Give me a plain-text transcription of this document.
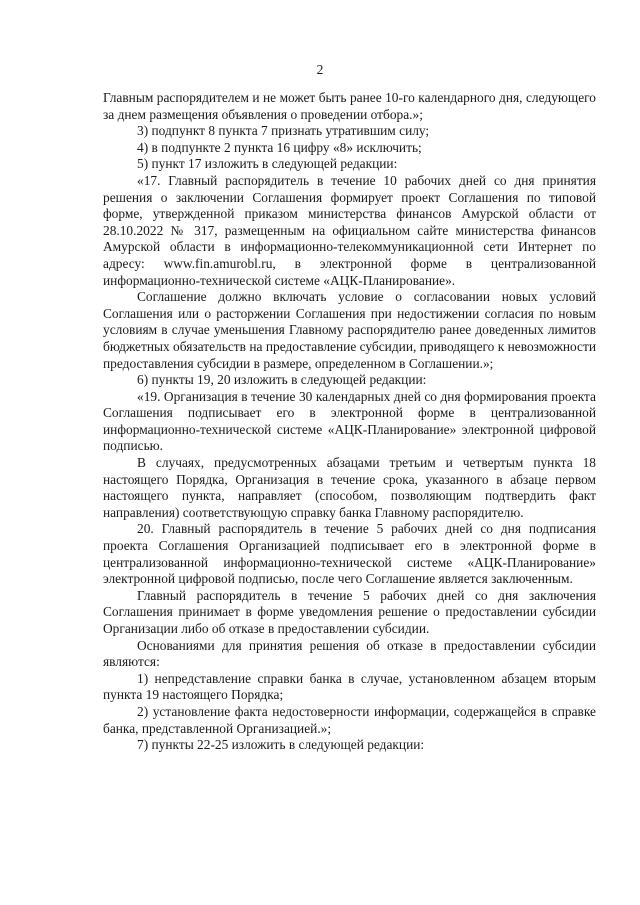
2

Главным распорядителем и не может быть ранее 10-го календарного дня, следующего за днем размещения объявления о проведении отбора.»;

3) подпункт 8 пункта 7 признать утратившим силу;

4) в подпункте 2 пункта 16 цифру «8» исключить;

5) пункт 17 изложить в следующей редакции:

«17. Главный распорядитель в течение 10 рабочих дней со дня принятия решения о заключении Соглашения формирует проект Соглашения по типовой форме, утвержденной приказом министерства финансов Амурской области от 28.10.2022 № 317, размещенным на официальном сайте министерства финансов Амурской области в информационно-телекоммуникационной сети Интернет по адресу: www.fin.amurobl.ru, в электронной форме в централизованной информационно-технической системе «АЦК-Планирование».

Соглашение должно включать условие о согласовании новых условий Соглашения или о расторжении Соглашения при недостижении согласия по новым условиям в случае уменьшения Главному распорядителю ранее доведенных лимитов бюджетных обязательств на предоставление субсидии, приводящего к невозможности предоставления субсидии в размере, определенном в Соглашении.»;

6) пункты 19, 20 изложить в следующей редакции:

«19. Организация в течение 30 календарных дней со дня формирования проекта Соглашения подписывает его в электронной форме в централизованной информационно-технической системе «АЦК-Планирование» электронной цифровой подписью.

В случаях, предусмотренных абзацами третьим и четвертым пункта 18 настоящего Порядка, Организация в течение срока, указанного в абзаце первом настоящего пункта, направляет (способом, позволяющим подтвердить факт направления) соответствующую справку банка Главному распорядителю.

20. Главный распорядитель в течение 5 рабочих дней со дня подписания проекта Соглашения Организацией подписывает его в электронной форме в централизованной информационно-технической системе «АЦК-Планирование» электронной цифровой подписью, после чего Соглашение является заключенным.

Главный распорядитель в течение 5 рабочих дней со дня заключения Соглашения принимает в форме уведомления решение о предоставлении субсидии Организации либо об отказе в предоставлении субсидии.

Основаниями для принятия решения об отказе в предоставлении субсидии являются:

1) непредставление справки банка в случае, установленном абзацем вторым пункта 19 настоящего Порядка;

2) установление факта недостоверности информации, содержащейся в справке банка, представленной Организацией.»;

7) пункты 22-25 изложить в следующей редакции:
